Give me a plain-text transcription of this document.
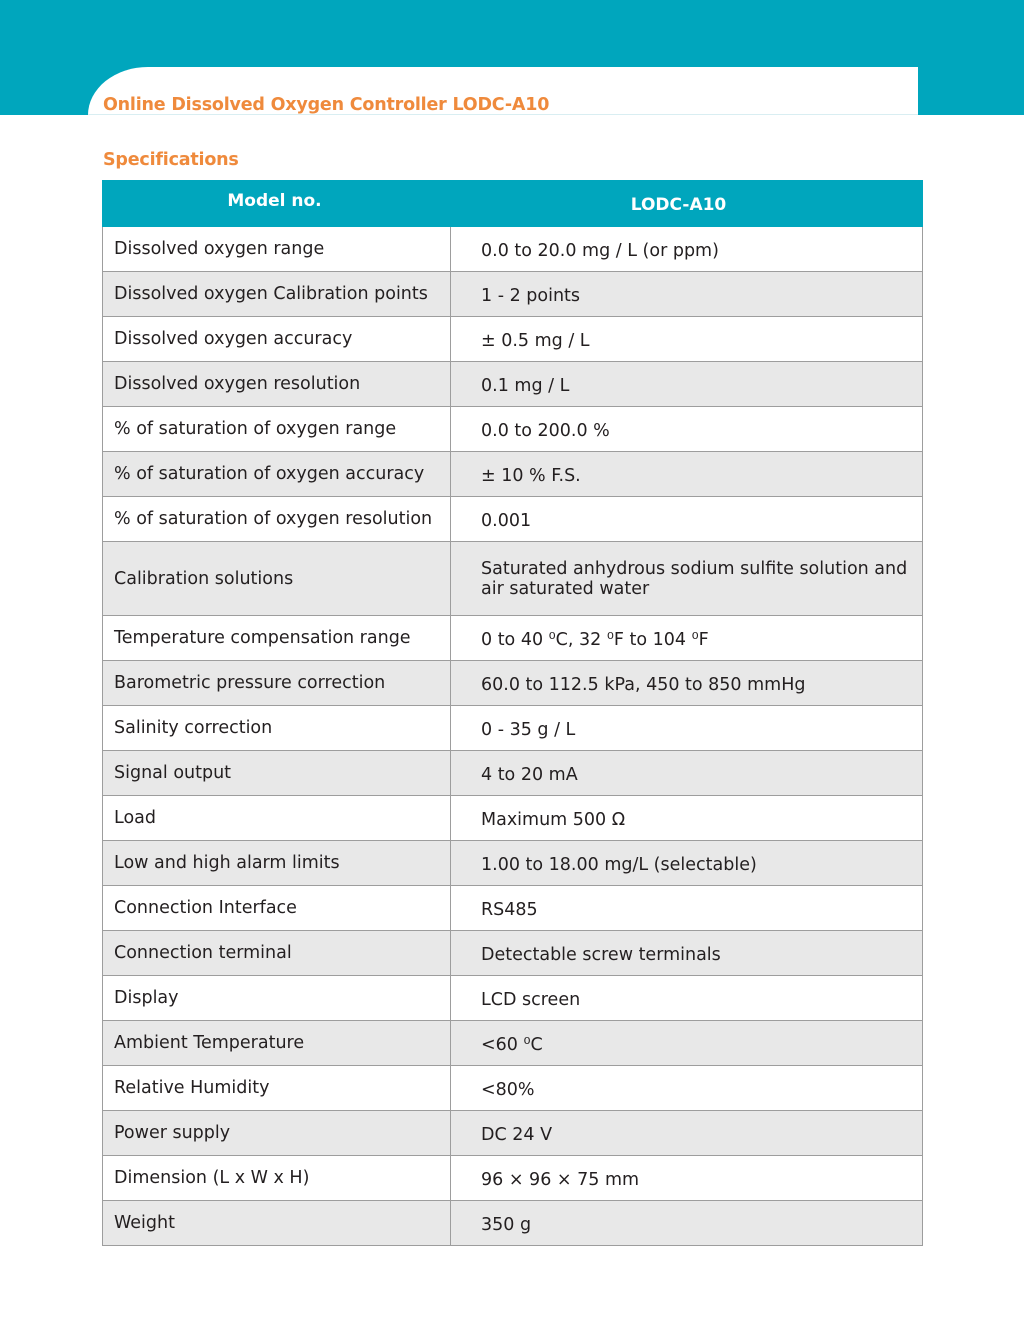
Online Dissolved Oxygen Controller LODC-A10
Specifications
Model no.	LODC-A10
Dissolved oxygen range	0.0 to 20.0 mg / L (or ppm)
Dissolved oxygen Calibration points	1 - 2 points
Dissolved oxygen accuracy	± 0.5 mg / L
Dissolved oxygen resolution	0.1 mg / L
% of saturation of oxygen range	0.0 to 200.0 %
% of saturation of oxygen accuracy	± 10 % F.S.
% of saturation of oxygen resolution	0.001
Calibration solutions	Saturated anhydrous sodium sulfite solution and air saturated water
Temperature compensation range	0 to 40 ⁰C, 32 ⁰F to 104 ⁰F
Barometric pressure correction	60.0 to 112.5 kPa, 450 to 850 mmHg
Salinity correction	0 - 35 g / L
Signal output	4 to 20 mA
Load	Maximum 500 Ω
Low and high alarm limits	1.00 to 18.00 mg/L (selectable)
Connection Interface	RS485
Connection terminal	Detectable screw terminals
Display	LCD screen
Ambient Temperature	<60 ⁰C
Relative Humidity	<80%
Power supply	DC 24 V
Dimension (L x W x H)	96 × 96 × 75 mm
Weight	350 g
